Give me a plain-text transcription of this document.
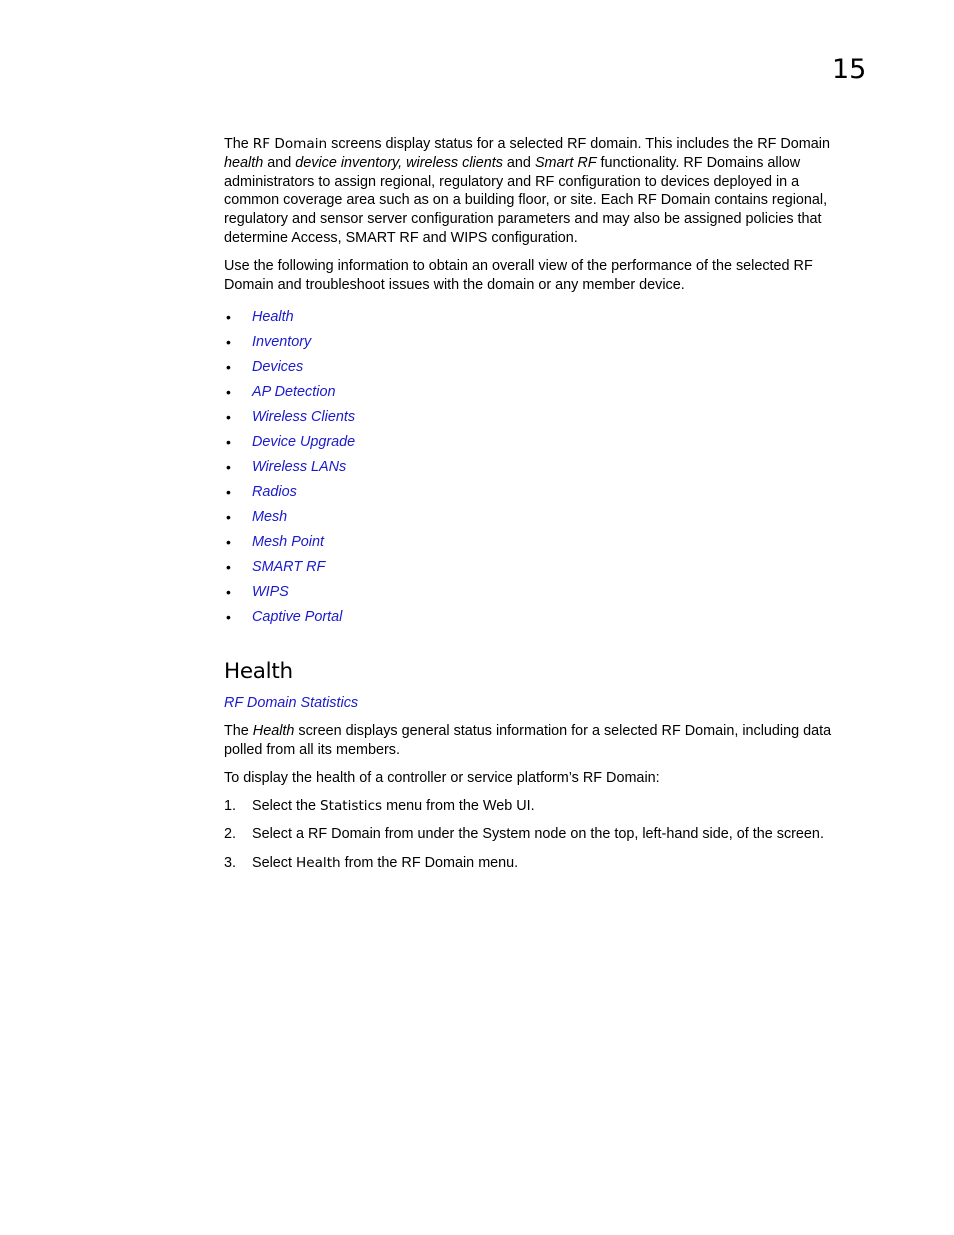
15

The RF Domain screens display status for a selected RF domain. This includes the RF Domain health and device inventory, wireless clients and Smart RF functionality. RF Domains allow administrators to assign regional, regulatory and RF configuration to devices deployed in a common coverage area such as on a building floor, or site. Each RF Domain contains regional, regulatory and sensor server configuration parameters and may also be assigned policies that determine Access, SMART RF and WIPS configuration.

Use the following information to obtain an overall view of the performance of the selected RF Domain and troubleshoot issues with the domain or any member device.

• Health
• Inventory
• Devices
• AP Detection
• Wireless Clients
• Device Upgrade
• Wireless LANs
• Radios
• Mesh
• Mesh Point
• SMART RF
• WIPS
• Captive Portal
Health
RF Domain Statistics

The Health screen displays general status information for a selected RF Domain, including data polled from all its members.

To display the health of a controller or service platform’s RF Domain:

1. Select the Statistics menu from the Web UI.
2. Select a RF Domain from under the System node on the top, left-hand side, of the screen.
3. Select Health from the RF Domain menu.
